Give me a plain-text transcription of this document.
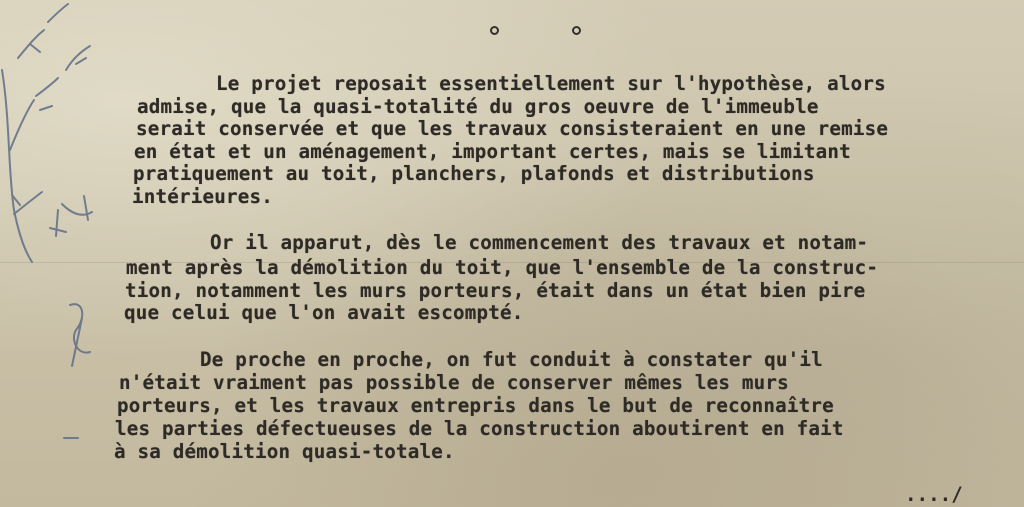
Le projet reposait essentiellement sur l'hypothèse, alors
admise, que la quasi-totalité du gros oeuvre de l'immeuble
serait conservée et que les travaux consisteraient en une remise
en état et un aménagement, important certes, mais se limitant
pratiquement au toit, planchers, plafonds et distributions
intérieures.
Or il apparut, dès le commencement des travaux et notam-
ment après la démolition du toit, que l'ensemble de la construc-
tion, notamment les murs porteurs, était dans un état bien pire
que celui que l'on avait escompté.
De proche en proche, on fut conduit à constater qu'il
n'était vraiment pas possible de conserver mêmes les murs
porteurs, et les travaux entrepris dans le but de reconnaître
les parties défectueuses de la construction aboutirent en fait
à sa démolition quasi-totale.
..../
